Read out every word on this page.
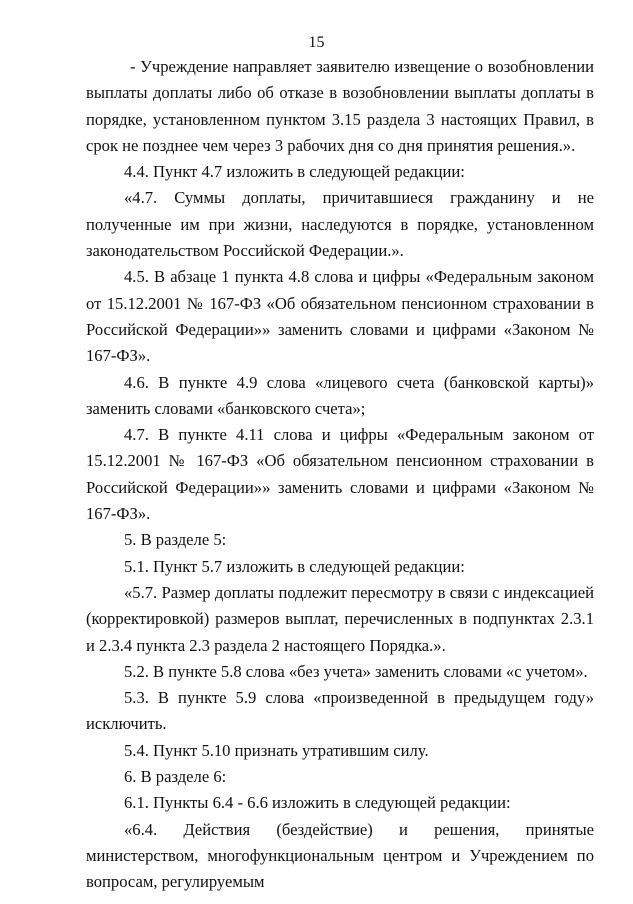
15

- Учреждение направляет заявителю извещение о возобновлении выплаты доплаты либо об отказе в возобновлении выплаты доплаты в порядке, установленном пунктом 3.15 раздела 3 настоящих Правил, в срок не позднее чем через 3 рабочих дня со дня принятия решения.».

4.4. Пункт 4.7 изложить в следующей редакции:

«4.7. Суммы доплаты, причитавшиеся гражданину и не полученные им при жизни, наследуются в порядке, установленном законодательством Российской Федерации.».

4.5. В абзаце 1 пункта 4.8 слова и цифры «Федеральным законом от 15.12.2001 № 167-ФЗ «Об обязательном пенсионном страховании в Российской Федерации»» заменить словами и цифрами «Законом № 167-ФЗ».

4.6. В пункте 4.9 слова «лицевого счета (банковской карты)» заменить словами «банковского счета»;

4.7. В пункте 4.11 слова и цифры «Федеральным законом от 15.12.2001 № 167-ФЗ «Об обязательном пенсионном страховании в Российской Федерации»» заменить словами и цифрами «Законом № 167-ФЗ».

5. В разделе 5:

5.1. Пункт 5.7 изложить в следующей редакции:

«5.7. Размер доплаты подлежит пересмотру в связи с индексацией (корректировкой) размеров выплат, перечисленных в подпунктах 2.3.1 и 2.3.4 пункта 2.3 раздела 2 настоящего Порядка.».

5.2. В пункте 5.8 слова «без учета» заменить словами «с учетом».

5.3. В пункте 5.9 слова «произведенной в предыдущем году» исключить.

5.4. Пункт 5.10 признать утратившим силу.

6. В разделе 6:

6.1. Пункты 6.4 - 6.6 изложить в следующей редакции:

«6.4. Действия (бездействие) и решения, принятые министерством, многофункциональным центром и Учреждением по вопросам, регулируемым
